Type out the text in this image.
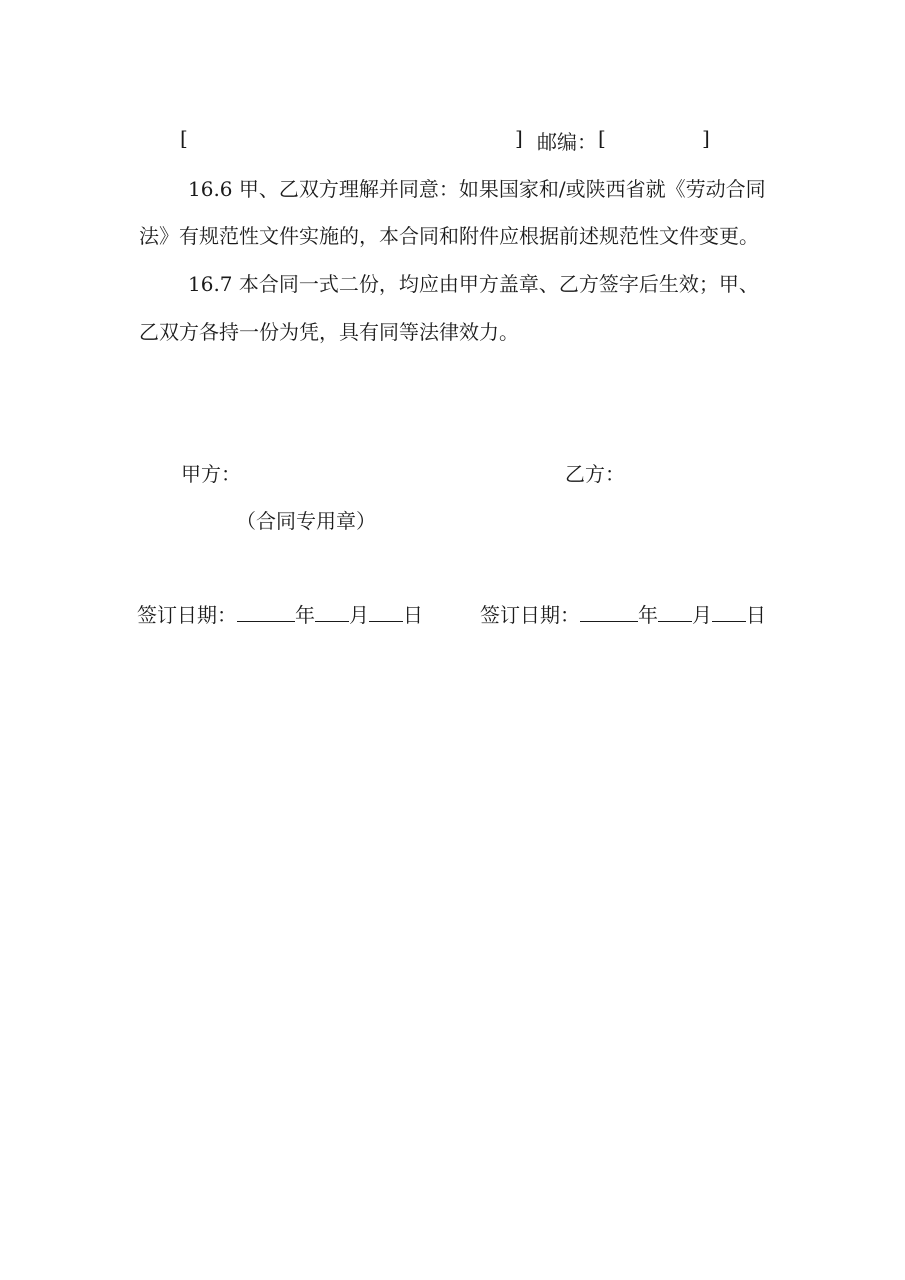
[	] 邮编： [	]
16.6 甲、乙双方理解并同意：如果国家和/或陕西省就《劳动合同
法》有规范性文件实施的，本合同和附件应根据前述规范性文件变更。
16.7 本合同一式二份，均应由甲方盖章、乙方签字后生效；甲、
乙双方各持一份为凭，具有同等法律效力。
甲方：	乙方：
（合同专用章）
签订日期：	年 月 日	签订日期：	年 月 日
